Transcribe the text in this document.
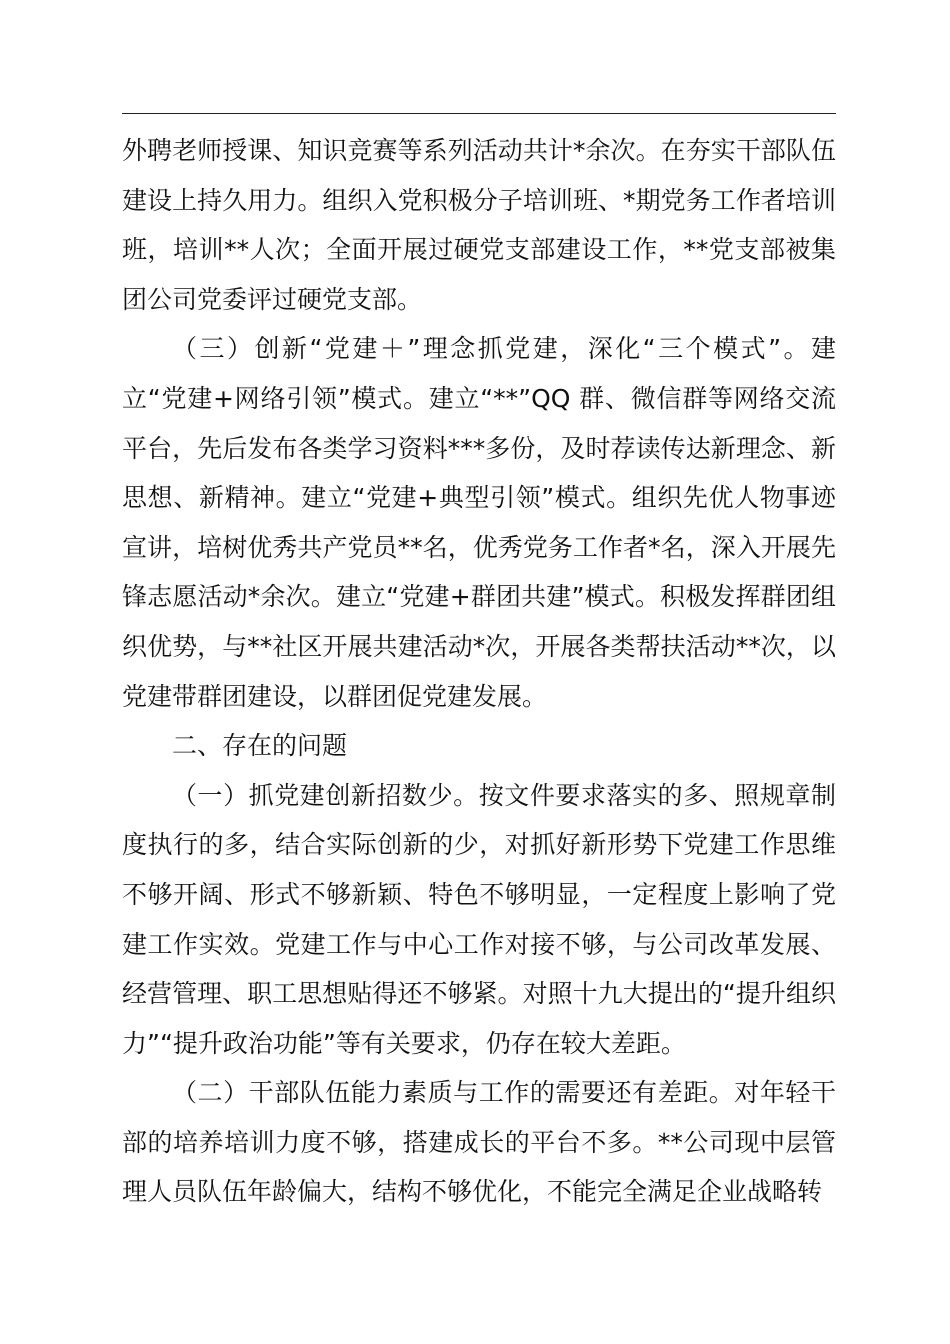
外聘老师授课、知识竞赛等系列活动共计*余次。在夯实干部队伍建设上持久用力。组织入党积极分子培训班、*期党务工作者培训班，培训**人次；全面开展过硬党支部建设工作，**党支部被集团公司党委评过硬党支部。

（三）创新“党建＋”理念抓党建，深化“三个模式”。建立“党建+网络引领”模式。建立“**”QQ 群、微信群等网络交流平台，先后发布各类学习资料***多份，及时荐读传达新理念、新思想、新精神。建立“党建+典型引领”模式。组织先优人物事迹宣讲，培树优秀共产党员**名，优秀党务工作者*名，深入开展先锋志愿活动*余次。建立“党建+群团共建”模式。积极发挥群团组织优势，与**社区开展共建活动*次，开展各类帮扶活动**次，以党建带群团建设，以群团促党建发展。

二、存在的问题

（一）抓党建创新招数少。按文件要求落实的多、照规章制度执行的多，结合实际创新的少，对抓好新形势下党建工作思维不够开阔、形式不够新颖、特色不够明显，一定程度上影响了党建工作实效。党建工作与中心工作对接不够，与公司改革发展、经营管理、职工思想贴得还不够紧。对照十九大提出的“提升组织力”“提升政治功能”等有关要求，仍存在较大差距。

（二）干部队伍能力素质与工作的需要还有差距。对年轻干部的培养培训力度不够，搭建成长的平台不多。**公司现中层管理人员队伍年龄偏大，结构不够优化，不能完全满足企业战略转
